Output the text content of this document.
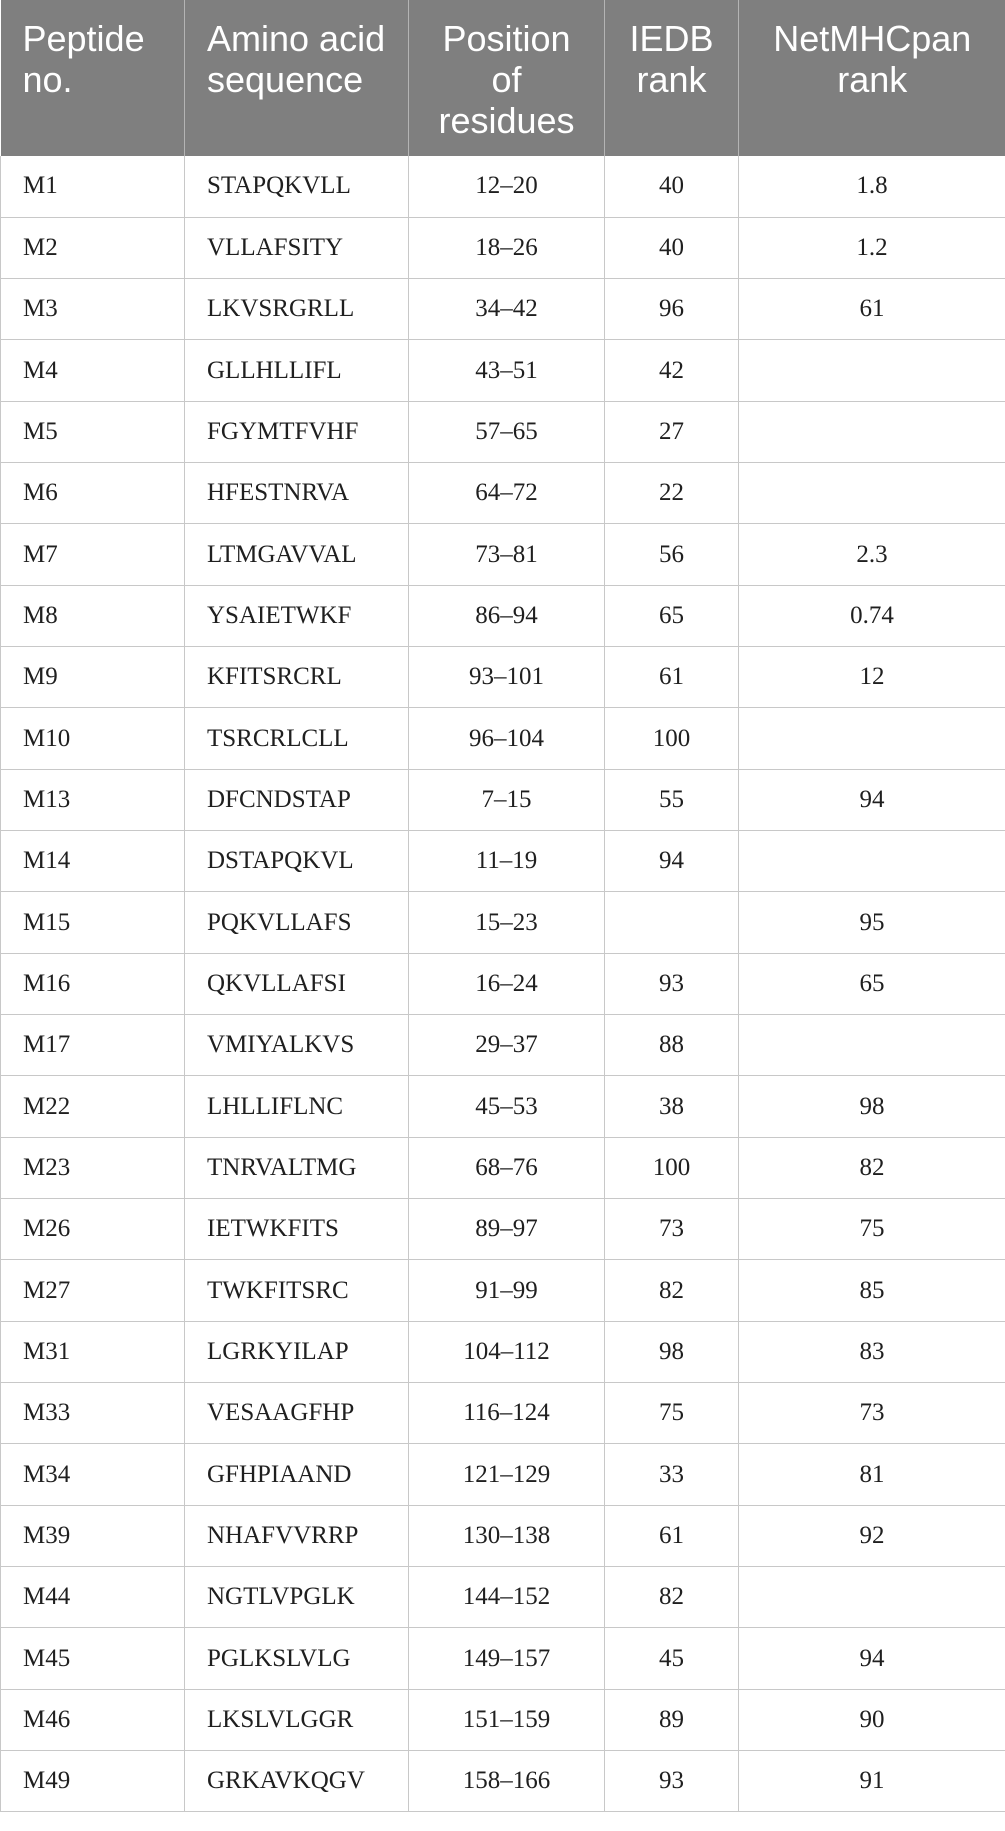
Peptide no.	Amino acid sequence	Position of residues	IEDB rank	NetMHCpan rank

M1	STAPQKVLL	12–20	40	1.8
M2	VLLAFSITY	18–26	40	1.2
M3	LKVSRGRLL	34–42	96	61
M4	GLLHLLIFL	43–51	42	
M5	FGYMTFVHF	57–65	27	
M6	HFESTNRVA	64–72	22	
M7	LTMGAVVAL	73–81	56	2.3
M8	YSAIETWKF	86–94	65	0.74
M9	KFITSRCRL	93–101	61	12
M10	TSRCRLCLL	96–104	100	
M13	DFCNDSTAP	7–15	55	94
M14	DSTAPQKVL	11–19	94	
M15	PQKVLLAFS	15–23		95
M16	QKVLLAFSI	16–24	93	65
M17	VMIYALKVS	29–37	88	
M22	LHLLIFLNC	45–53	38	98
M23	TNRVALTMG	68–76	100	82
M26	IETWKFITS	89–97	73	75
M27	TWKFITSRC	91–99	82	85
M31	LGRKYILAP	104–112	98	83
M33	VESAAGFHP	116–124	75	73
M34	GFHPIAAND	121–129	33	81
M39	NHAFVVRRP	130–138	61	92
M44	NGTLVPGLK	144–152	82	
M45	PGLKSLVLG	149–157	45	94
M46	LKSLVLGGR	151–159	89	90
M49	GRKAVKQGV	158–166	93	91
